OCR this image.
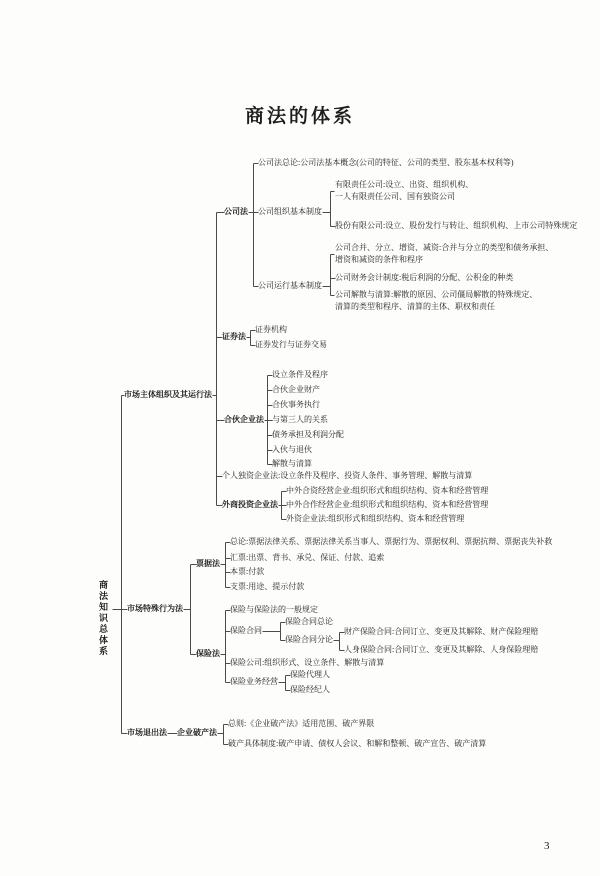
商法的体系
商法知识总体系
市场主体组织及其运行法
公司法
公司法总论:公司法基本概念(公司的特征、公司的类型、股东基本权利等)
公司组织基本制度
有限责任公司:设立、出资、组织机构、
一人有限责任公司、国有独资公司
股份有限公司:设立、股份发行与转让、组织机构、上市公司特殊规定
公司运行基本制度
公司合并、分立、增资、减资:合并与分立的类型和债务承担、
增资和减资的条件和程序
公司财务会计制度:税后利润的分配、公积金的种类
公司解散与清算:解散的原因、公司僵局解散的特殊规定、
清算的类型和程序、清算的主体、职权和责任
证券法
证券机构
证券发行与证券交易
合伙企业法
设立条件及程序
合伙企业财产
合伙事务执行
与第三人的关系
债务承担及利润分配
入伙与退伙
解散与清算
个人独资企业法:设立条件及程序、投资人条件、事务管理、解散与清算
外商投资企业法
中外合资经营企业:组织形式和组织结构、资本和经营管理
中外合作经营企业:组织形式和组织结构、资本和经营管理
外资企业法:组织形式和组织结构、资本和经营管理
市场特殊行为法
票据法
总论:票据法律关系、票据法律关系当事人、票据行为、票据权利、票据抗辩、票据丧失补救
汇票:出票、背书、承兑、保证、付款、追索
本票:付款
支票:用途、提示付款
保险法
保险与保险法的一般规定
保险合同
保险合同总论
保险合同分论
财产保险合同:合同订立、变更及其解除、财产保险理赔
人身保险合同:合同订立、变更及其解除、人身保险理赔
保险公司:组织形式、设立条件、解散与清算
保险业务经营
保险代理人
保险经纪人
市场退出法 企业破产法
总则:《企业破产法》适用范围、破产界限
破产具体制度:破产申请、债权人会议、和解和整顿、破产宣告、破产清算
3
